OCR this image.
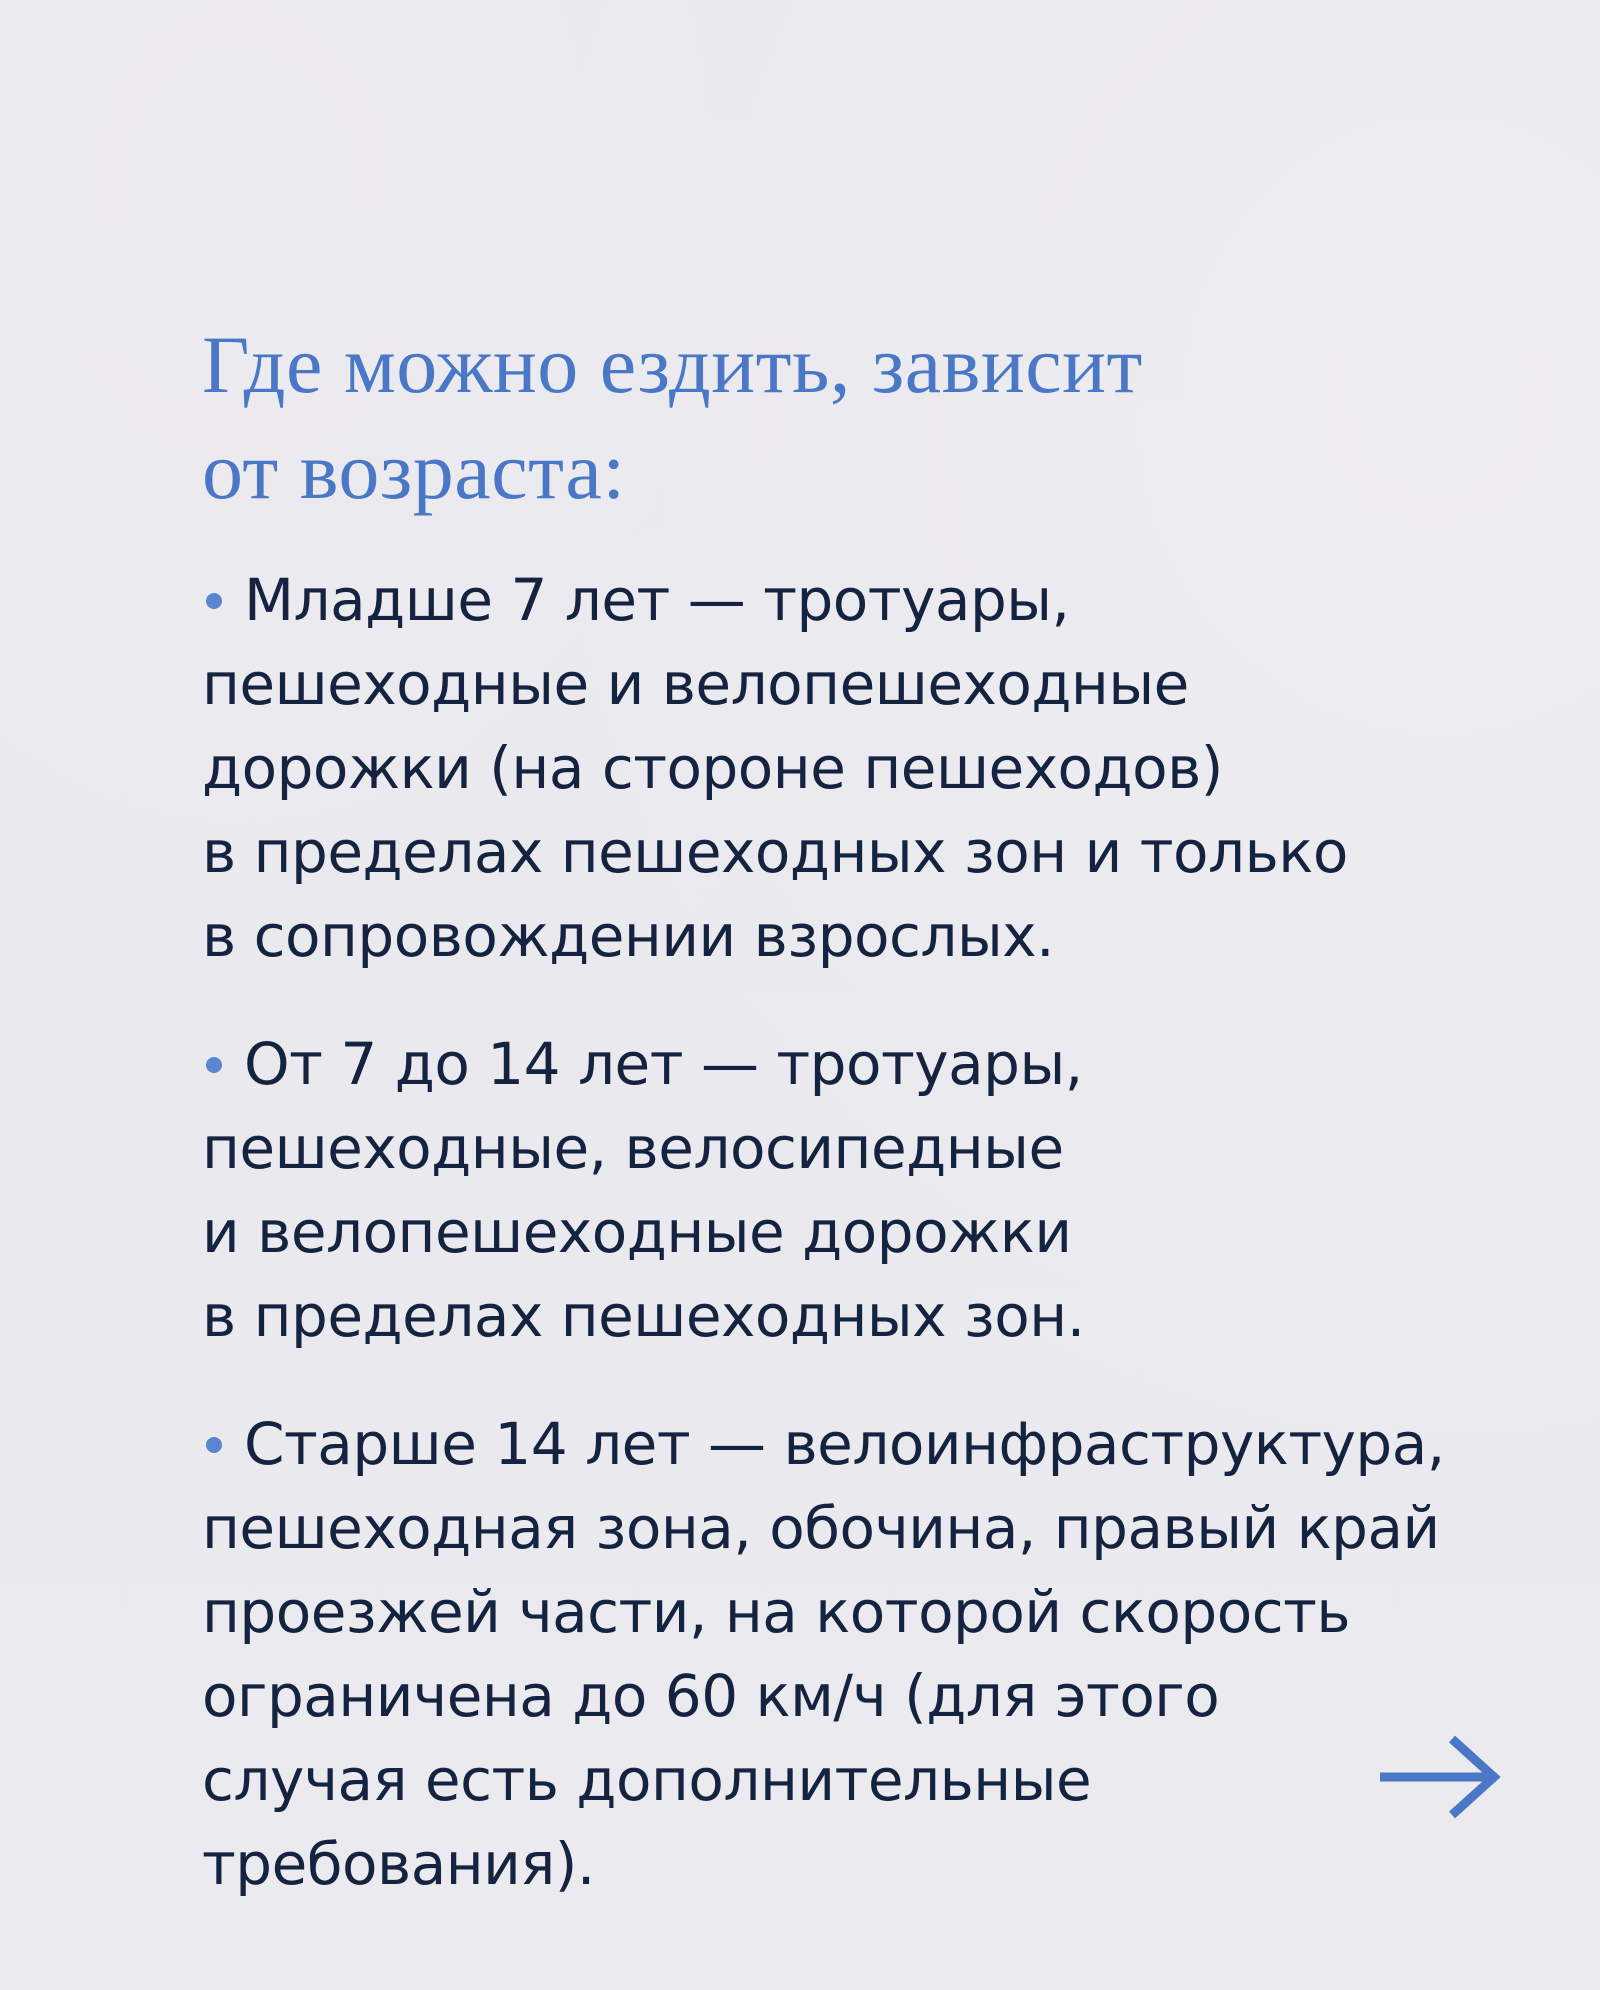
Где можно ездить, зависит
от возраста:
Младше 7 лет — тротуары,
пешеходные и велопешеходные
дорожки (на стороне пешеходов)
в пределах пешеходных зон и только
в сопровождении взрослых.
От 7 до 14 лет — тротуары,
пешеходные, велосипедные
и велопешеходные дорожки
в пределах пешеходных зон.
Старше 14 лет — велоинфраструктура,
пешеходная зона, обочина, правый край
проезжей части, на которой скорость
ограничена до 60 км/ч (для этого
случая есть дополнительные
требования).
